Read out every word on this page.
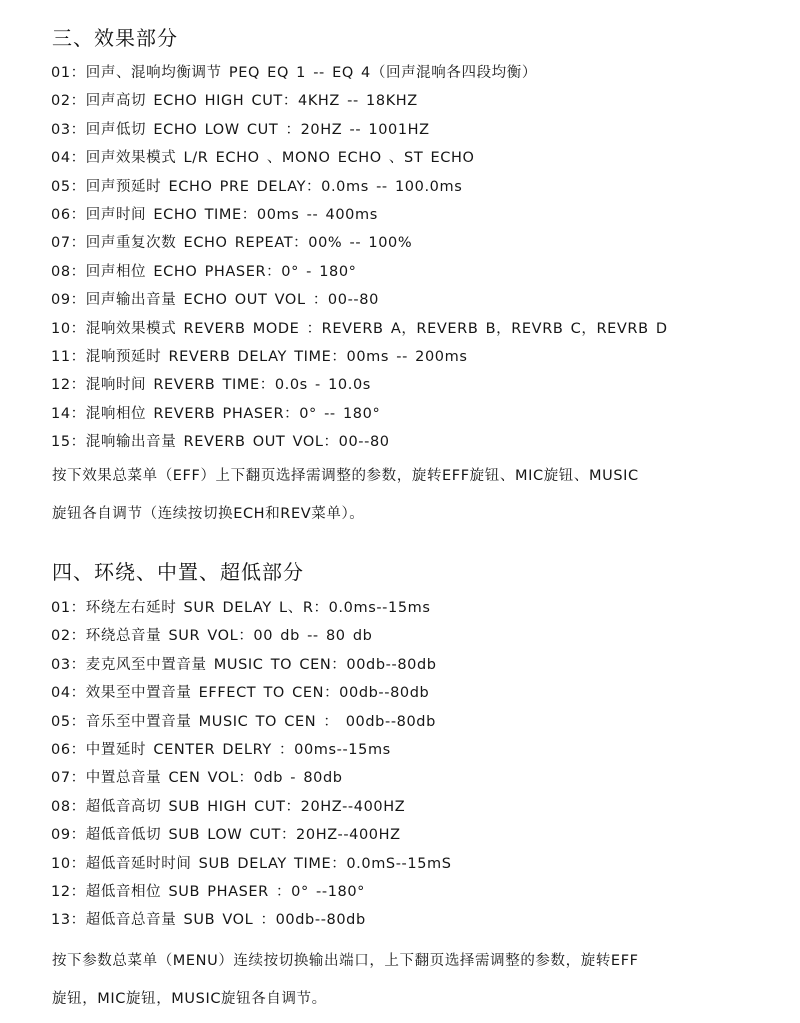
三、效果部分
01：回声、混响均衡调节 PEQ EQ 1 -- EQ 4（回声混响各四段均衡）
02：回声高切 ECHO HIGH CUT：4KHZ -- 18KHZ
03：回声低切 ECHO LOW CUT ：20HZ -- 1001HZ
04：回声效果模式 L/R ECHO 、MONO ECHO 、ST ECHO
05：回声预延时 ECHO PRE DELAY：0.0ms -- 100.0ms
06：回声时间 ECHO TIME：00ms -- 400ms
07：回声重复次数 ECHO REPEAT：00% -- 100%
08：回声相位 ECHO PHASER：0° - 180°
09：回声输出音量 ECHO OUT VOL ：00--80
10：混响效果模式 REVERB MODE ：REVERB A，REVERB B，REVRB C，REVRB D
11：混响预延时 REVERB DELAY TIME：00ms -- 200ms
12：混响时间 REVERB TIME：0.0s - 10.0s
14：混响相位 REVERB PHASER：0° -- 180°
15：混响输出音量 REVERB OUT VOL：00--80

按下效果总菜单（EFF）上下翻页选择需调整的参数，旋转EFF旋钮、MIC旋钮、MUSIC
旋钮各自调节（连续按切换ECH和REV菜单）。

四、环绕、中置、超低部分
01：环绕左右延时 SUR DELAY L、R：0.0ms--15ms
02：环绕总音量 SUR VOL：00 db -- 80 db
03：麦克风至中置音量 MUSIC TO CEN：00db--80db
04：效果至中置音量 EFFECT TO CEN：00db--80db
05：音乐至中置音量 MUSIC TO CEN ： 00db--80db
06：中置延时 CENTER DELRY ：00ms--15ms
07：中置总音量 CEN VOL：0db - 80db
08：超低音高切 SUB HIGH CUT：20HZ--400HZ
09：超低音低切 SUB LOW CUT：20HZ--400HZ
10：超低音延时时间 SUB DELAY TIME：0.0mS--15mS
12：超低音相位 SUB PHASER ：0° --180°
13：超低音总音量 SUB VOL ：00db--80db

按下参数总菜单（MENU）连续按切换输出端口，上下翻页选择需调整的参数，旋转EFF
旋钮，MIC旋钮，MUSIC旋钮各自调节。
